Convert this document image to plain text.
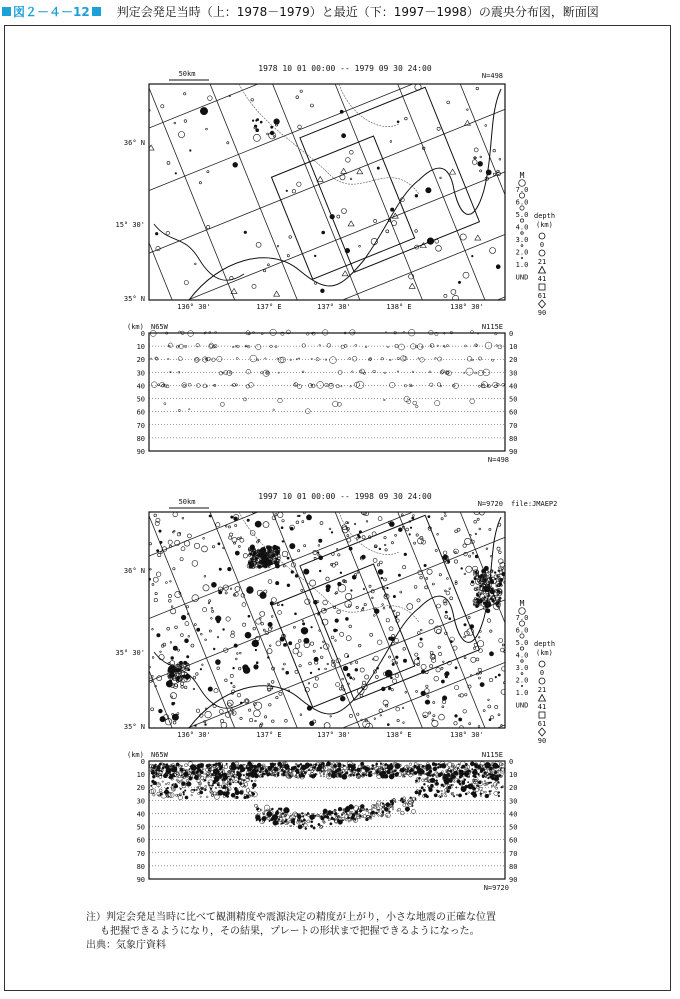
図２－４－12 判定会発足当時（上：1978－1979）と最近（下：1997－1998）の震央分布図，断面図
1978 10 01 00:00 -- 1979 09 30 24:00
N=498
50km
36° N
15° 30'
35° N
136° 30'	137° E	137° 30'	138° E	138° 30'
M
7.0
6.0
5.0
4.0
3.0
2.0
1.0
UND
depth
(km)
0
21
41
61
90
(km) N65W	N115E
N=498
0	0
10	10
20	20
30	30
40	40
50	50
60	60
70	70
80	80
90	90
1997 10 01 00:00 -- 1998 09 30 24:00
N=9720 file:JMAEP2
50km
36° N
35° 30'
35° N
136° 30'	137° E	137° 30'	138° E	138° 30'
M
7.0
6.0
5.0
4.0
3.0
2.0
1.0
UND
depth
(km)
0
21
41
61
90
(km) N65W	N115E
N=9720
0	0
10	10
20	20
30	30
40	40
50	50
60	60
70	70
80	80
90	90
注）判定会発足当時に比べて観測精度や震源決定の精度が上がり，小さな地震の正確な位置
も把握できるようになり，その結果，プレートの形状まで把握できるようになった。
出典：気象庁資料
